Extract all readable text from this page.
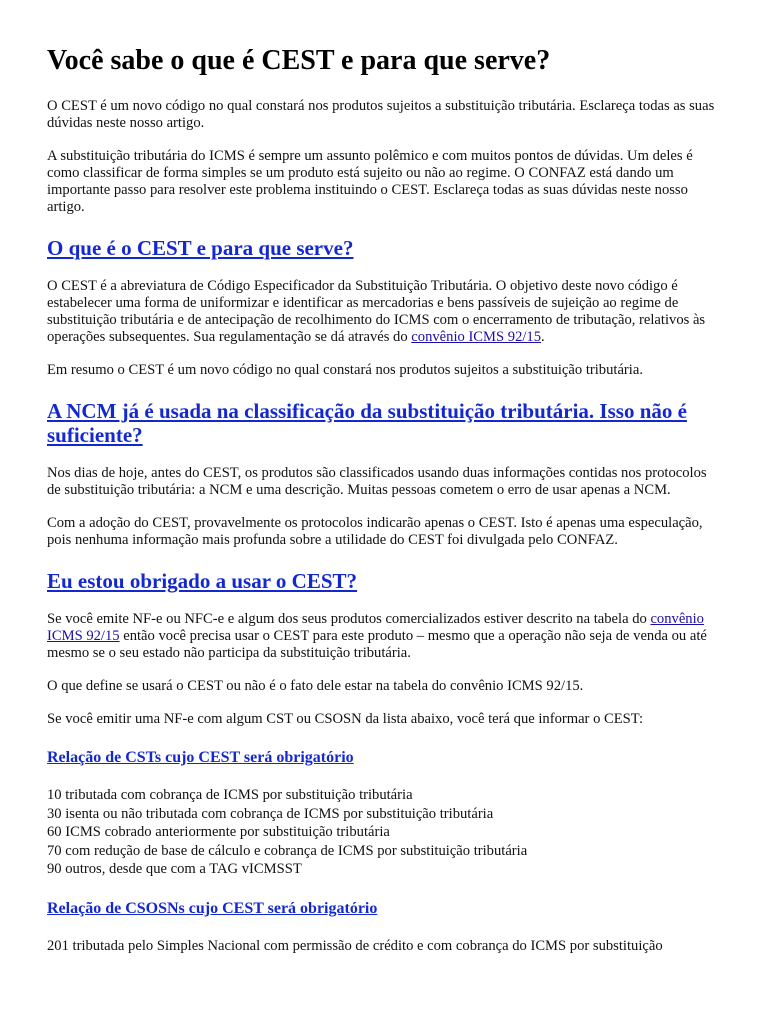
Você sabe o que é CEST e para que serve?

O CEST é um novo código no qual constará nos produtos sujeitos a substituição tributária. Esclareça todas as suas dúvidas neste nosso artigo.

A substituição tributária do ICMS é sempre um assunto polêmico e com muitos pontos de dúvidas. Um deles é como classificar de forma simples se um produto está sujeito ou não ao regime. O CONFAZ está dando um importante passo para resolver este problema instituindo o CEST. Esclareça todas as suas dúvidas neste nosso artigo.

O que é o CEST e para que serve?

O CEST é a abreviatura de Código Especificador da Substituição Tributária. O objetivo deste novo código é estabelecer uma forma de uniformizar e identificar as mercadorias e bens passíveis de sujeição ao regime de substituição tributária e de antecipação de recolhimento do ICMS com o encerramento de tributação, relativos às operações subsequentes. Sua regulamentação se dá através do convênio ICMS 92/15.

Em resumo o CEST é um novo código no qual constará nos produtos sujeitos a substituição tributária.

A NCM já é usada na classificação da substituição tributária. Isso não é suficiente?

Nos dias de hoje, antes do CEST, os produtos são classificados usando duas informações contidas nos protocolos de substituição tributária: a NCM e uma descrição. Muitas pessoas cometem o erro de usar apenas a NCM.

Com a adoção do CEST, provavelmente os protocolos indicarão apenas o CEST. Isto é apenas uma especulação, pois nenhuma informação mais profunda sobre a utilidade do CEST foi divulgada pelo CONFAZ.

Eu estou obrigado a usar o CEST?

Se você emite NF-e ou NFC-e e algum dos seus produtos comercializados estiver descrito na tabela do convênio ICMS 92/15 então você precisa usar o CEST para este produto – mesmo que a operação não seja de venda ou até mesmo se o seu estado não participa da substituição tributária.

O que define se usará o CEST ou não é o fato dele estar na tabela do convênio ICMS 92/15.

Se você emitir uma NF-e com algum CST ou CSOSN da lista abaixo, você terá que informar o CEST:

Relação de CSTs cujo CEST será obrigatório
10 tributada com cobrança de ICMS por substituição tributária
30 isenta ou não tributada com cobrança de ICMS por substituição tributária
60 ICMS cobrado anteriormente por substituição tributária
70 com redução de base de cálculo e cobrança de ICMS por substituição tributária
90 outros, desde que com a TAG vICMSST
Relação de CSOSNs cujo CEST será obrigatório
201 tributada pelo Simples Nacional com permissão de crédito e com cobrança do ICMS por substituição
